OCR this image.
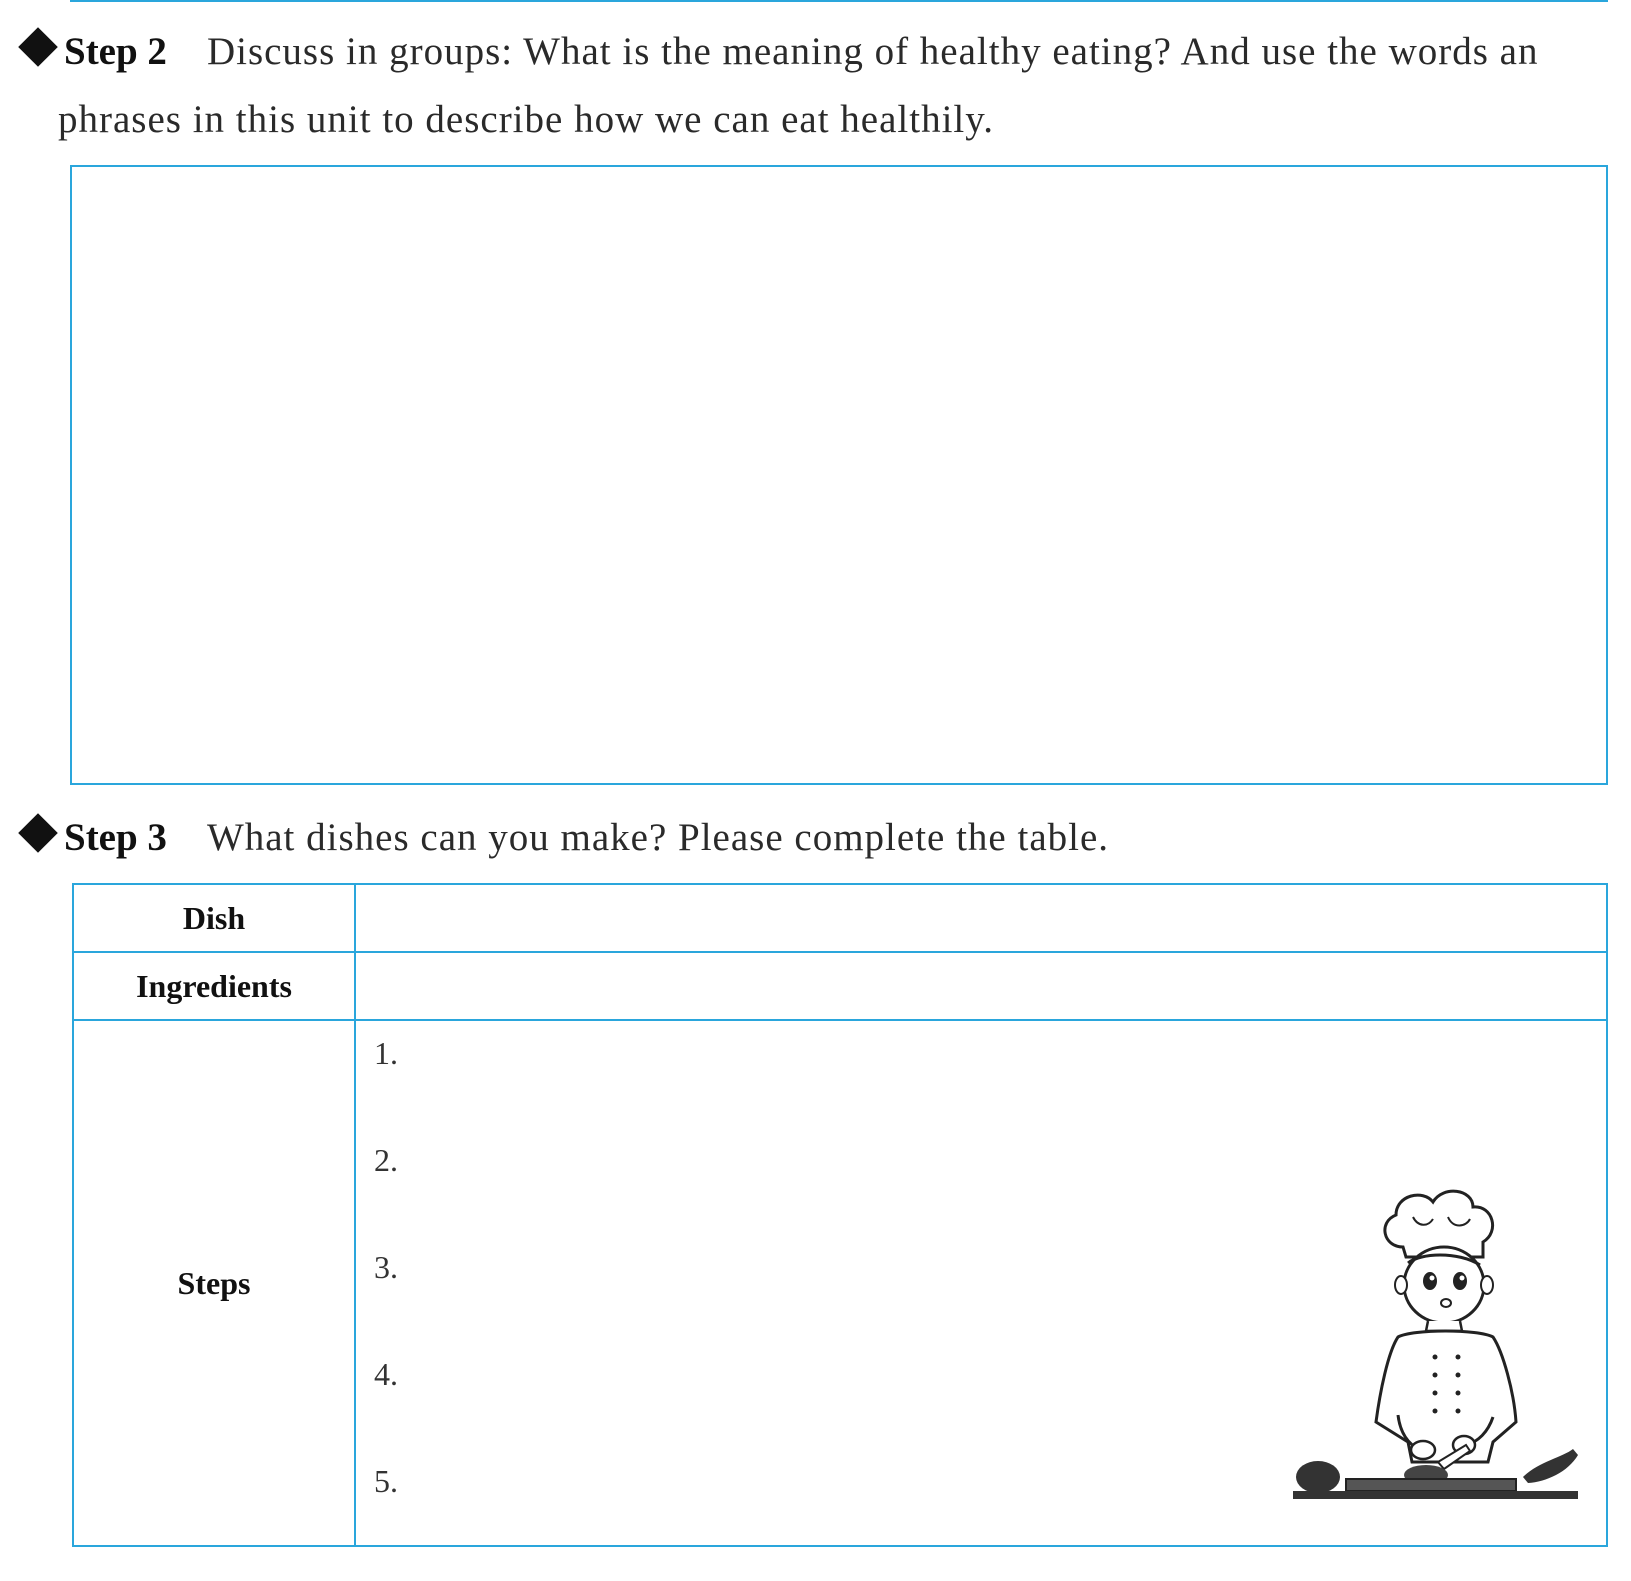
Step 2 Discuss in groups: What is the meaning of healthy eating? And use the words an
phrases in this unit to describe how we can eat healthily.
Step 3 What dishes can you make? Please complete the table.
Dish	
Ingredients	
Steps	1.
2.
3.
4.
5.
